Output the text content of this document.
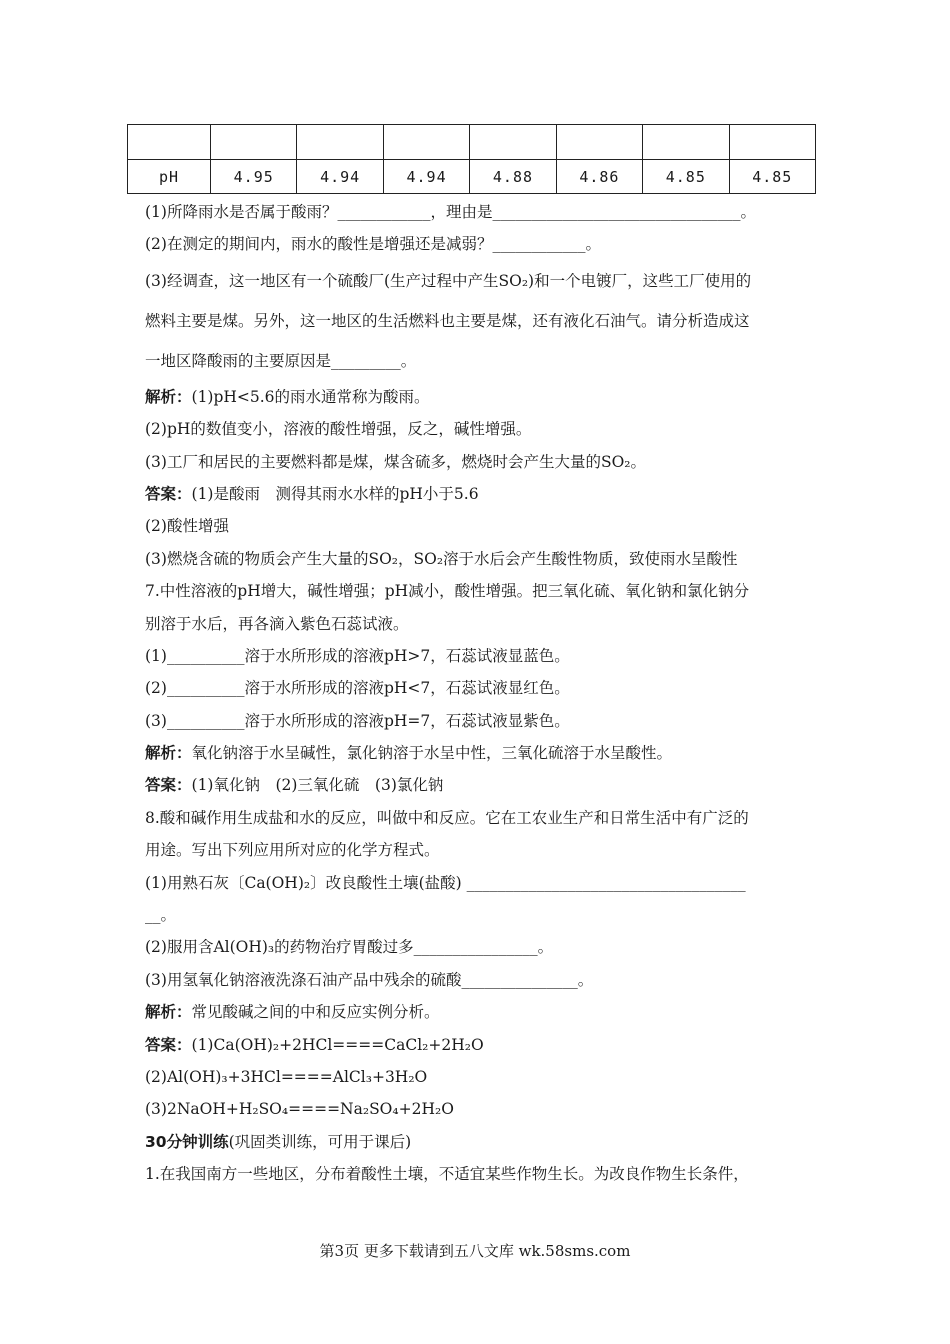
pH	4.95	4.94	4.94	4.88	4.86	4.85	4.85
(1)所降雨水是否属于酸雨？____________，理由是________________________________。
(2)在测定的期间内，雨水的酸性是增强还是减弱？____________。
(3)经调查，这一地区有一个硫酸厂(生产过程中产生SO₂)和一个电镀厂，这些工厂使用的
燃料主要是煤。另外，这一地区的生活燃料也主要是煤，还有液化石油气。请分析造成这
一地区降酸雨的主要原因是_________。
解析：(1)pH<5.6的雨水通常称为酸雨。
(2)pH的数值变小，溶液的酸性增强，反之，碱性增强。
(3)工厂和居民的主要燃料都是煤，煤含硫多，燃烧时会产生大量的SO₂。
答案：(1)是酸雨　测得其雨水水样的pH小于5.6
(2)酸性增强
(3)燃烧含硫的物质会产生大量的SO₂，SO₂溶于水后会产生酸性物质，致使雨水呈酸性
7.中性溶液的pH增大，碱性增强；pH减小，酸性增强。把三氧化硫、氧化钠和氯化钠分
别溶于水后，再各滴入紫色石蕊试液。
(1)__________溶于水所形成的溶液pH>7，石蕊试液显蓝色。
(2)__________溶于水所形成的溶液pH<7，石蕊试液显红色。
(3)__________溶于水所形成的溶液pH=7，石蕊试液显紫色。
解析：氧化钠溶于水呈碱性，氯化钠溶于水呈中性，三氧化硫溶于水呈酸性。
答案：(1)氧化钠　(2)三氧化硫　(3)氯化钠
8.酸和碱作用生成盐和水的反应，叫做中和反应。它在工农业生产和日常生活中有广泛的
用途。写出下列应用所对应的化学方程式。
(1)用熟石灰〔Ca(OH)₂〕改良酸性土壤(盐酸) ____________________________________
__。
(2)服用含Al(OH)₃的药物治疗胃酸过多________________。
(3)用氢氧化钠溶液洗涤石油产品中残余的硫酸_______________。
解析：常见酸碱之间的中和反应实例分析。
答案：(1)Ca(OH)₂+2HCl====CaCl₂+2H₂O
(2)Al(OH)₃+3HCl====AlCl₃+3H₂O
(3)2NaOH+H₂SO₄====Na₂SO₄+2H₂O
30分钟训练(巩固类训练，可用于课后)
1.在我国南方一些地区，分布着酸性土壤，不适宜某些作物生长。为改良作物生长条件，
第3页 更多下载请到五八文库 wk.58sms.com
